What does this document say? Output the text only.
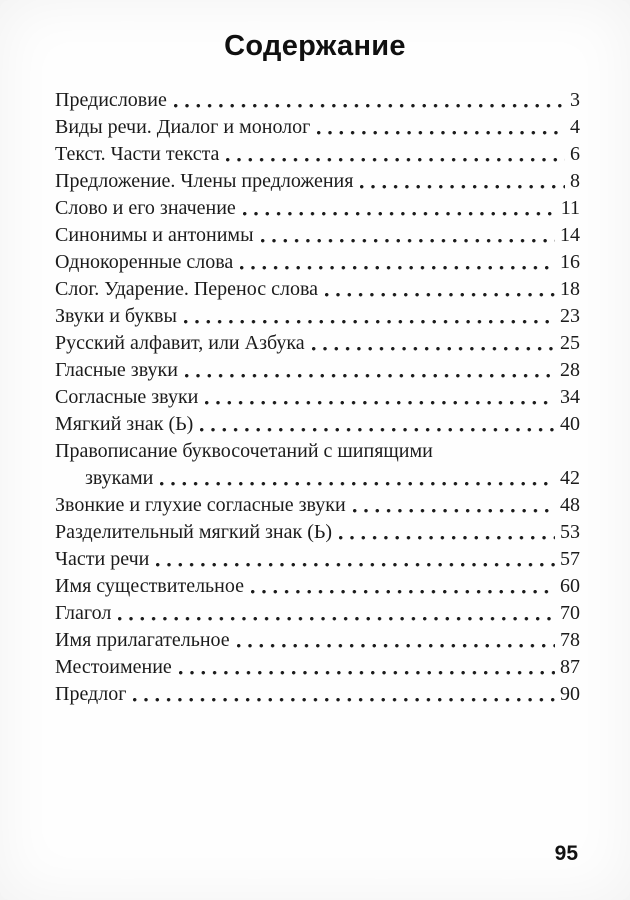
Содержание
Предисловие	3
Виды речи. Диалог и монолог	4
Текст. Части текста	6
Предложение. Члены предложения	8
Слово и его значение	11
Синонимы и антонимы	14
Однокоренные слова	16
Слог. Ударение. Перенос слова	18
Звуки и буквы	23
Русский алфавит, или Азбука	25
Гласные звуки	28
Согласные звуки	34
Мягкий знак (Ь)	40
Правописание буквосочетаний с шипящими
звуками	42
Звонкие и глухие согласные звуки	48
Разделительный мягкий знак (Ь)	53
Части речи	57
Имя существительное	60
Глагол	70
Имя прилагательное	78
Местоимение	87
Предлог	90
95
